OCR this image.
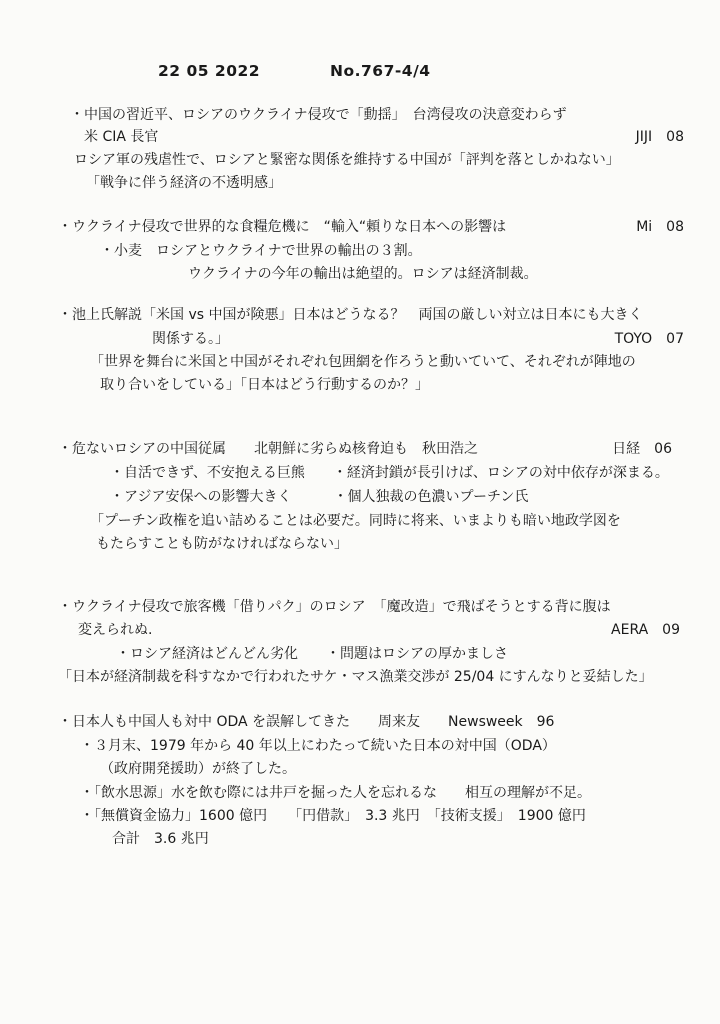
22 05 2022	No.767-4/4
・中国の習近平、ロシアのウクライナ侵攻で「動揺」　台湾侵攻の決意変わらず
米 CIA 長官	JIJI　08
ロシア軍の残虐性で、ロシアと緊密な関係を維持する中国が「評判を落としかねない」
「戦争に伴う経済の不透明感」
・ウクライナ侵攻で世界的な食糧危機に　“輸入“頼りな日本への影響は	Mi　08
・小麦　ロシアとウクライナで世界の輸出の３割。
ウクライナの今年の輸出は絶望的。ロシアは経済制裁。
・池上氏解説「米国 vs 中国が険悪」日本はどうなる？　両国の厳しい対立は日本にも大きく
関係する。」	TOYO　07
「世界を舞台に米国と中国がそれぞれ包囲網を作ろうと動いていて、それぞれが陣地の
取り合いをしている」「日本はどう行動するのか？」
・危ないロシアの中国従属　　北朝鮮に劣らぬ核脅迫も　秋田浩之	日経　06
・自活できず、不安抱える巨熊　　・経済封鎖が長引けば、ロシアの対中依存が深まる。
・アジア安保への影響大きく　　　・個人独裁の色濃いプーチン氏
「プーチン政権を追い詰めることは必要だ。同時に将来、いまよりも暗い地政学図を
もたらすことも防がなければならない」
・ウクライナ侵攻で旅客機「借りパク」のロシア　「魔改造」で飛ばそうとする背に腹は
変えられぬ.	AERA　09
・ロシア経済はどんどん劣化　　・問題はロシアの厚かましさ
「日本が経済制裁を科すなかで行われたサケ・マス漁業交渉が 25/04 にすんなりと妥結した」
・日本人も中国人も対中 ODA を誤解してきた　　周来友　　Newsweek　96
・３月末、1979 年から 40 年以上にわたって続いた日本の対中国（ODA）
（政府開発援助）が終了した。
・「飲水思源」水を飲む際には井戸を掘った人を忘れるな　　相互の理解が不足。
・「無償資金協力」1600 億円　　「円借款」　3.3 兆円　「技術支援」　1900 億円
合計　3.6 兆円
